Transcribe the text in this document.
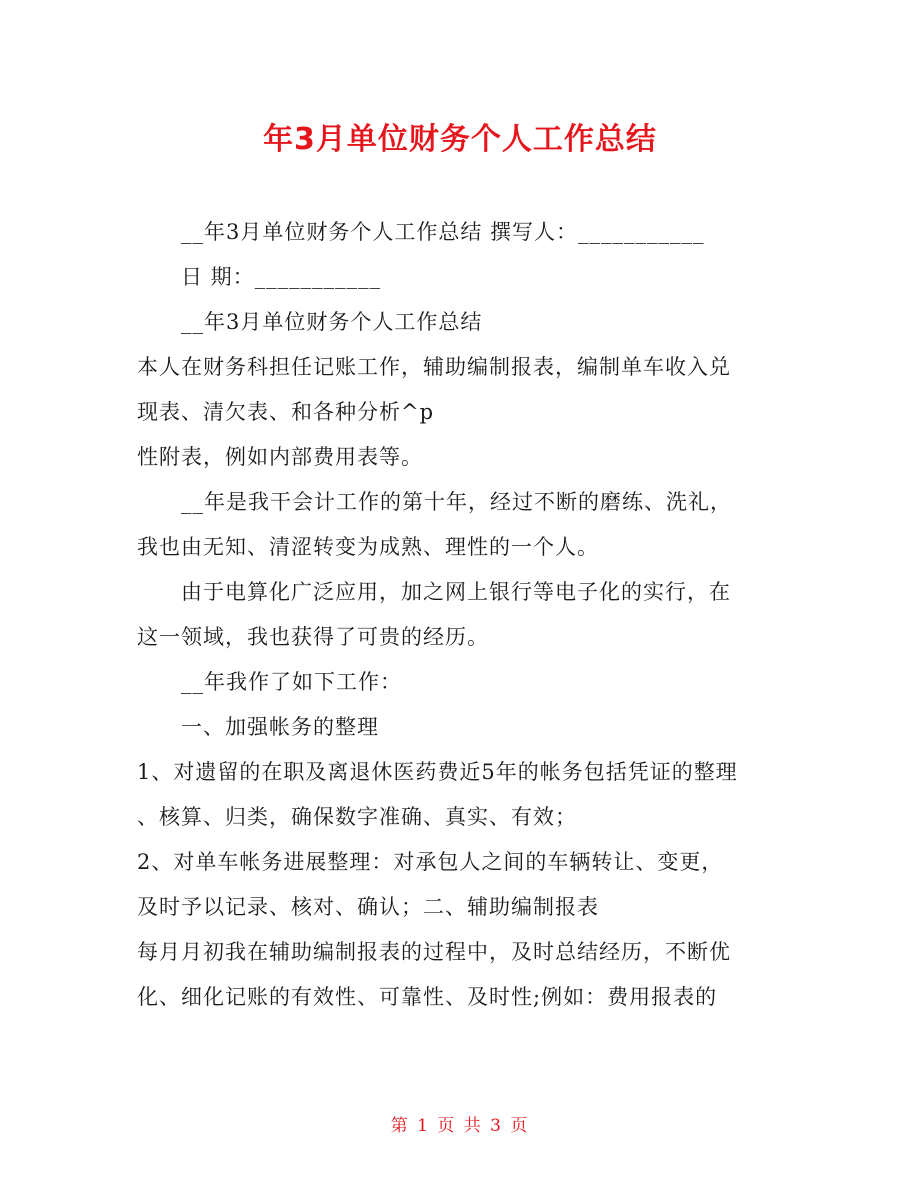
年3月单位财务个人工作总结
__年3月单位财务个人工作总结 撰写人：___________
日 期：___________
__年3月单位财务个人工作总结
本人在财务科担任记账工作，辅助编制报表，编制单车收入兑
现表、清欠表、和各种分析^p
性附表，例如内部费用表等。
__年是我干会计工作的第十年，经过不断的磨练、洗礼，
我也由无知、清涩转变为成熟、理性的一个人。
由于电算化广泛应用，加之网上银行等电子化的实行，在
这一领域，我也获得了可贵的经历。
__年我作了如下工作：
一、加强帐务的整理
1、对遗留的在职及离退休医药费近5年的帐务包括凭证的整理
、核算、归类，确保数字准确、真实、有效；
2、对单车帐务进展整理：对承包人之间的车辆转让、变更，
及时予以记录、核对、确认；二、辅助编制报表
每月月初我在辅助编制报表的过程中，及时总结经历，不断优
化、细化记账的有效性、可靠性、及时性;例如：费用报表的
第 1 页 共 3 页
